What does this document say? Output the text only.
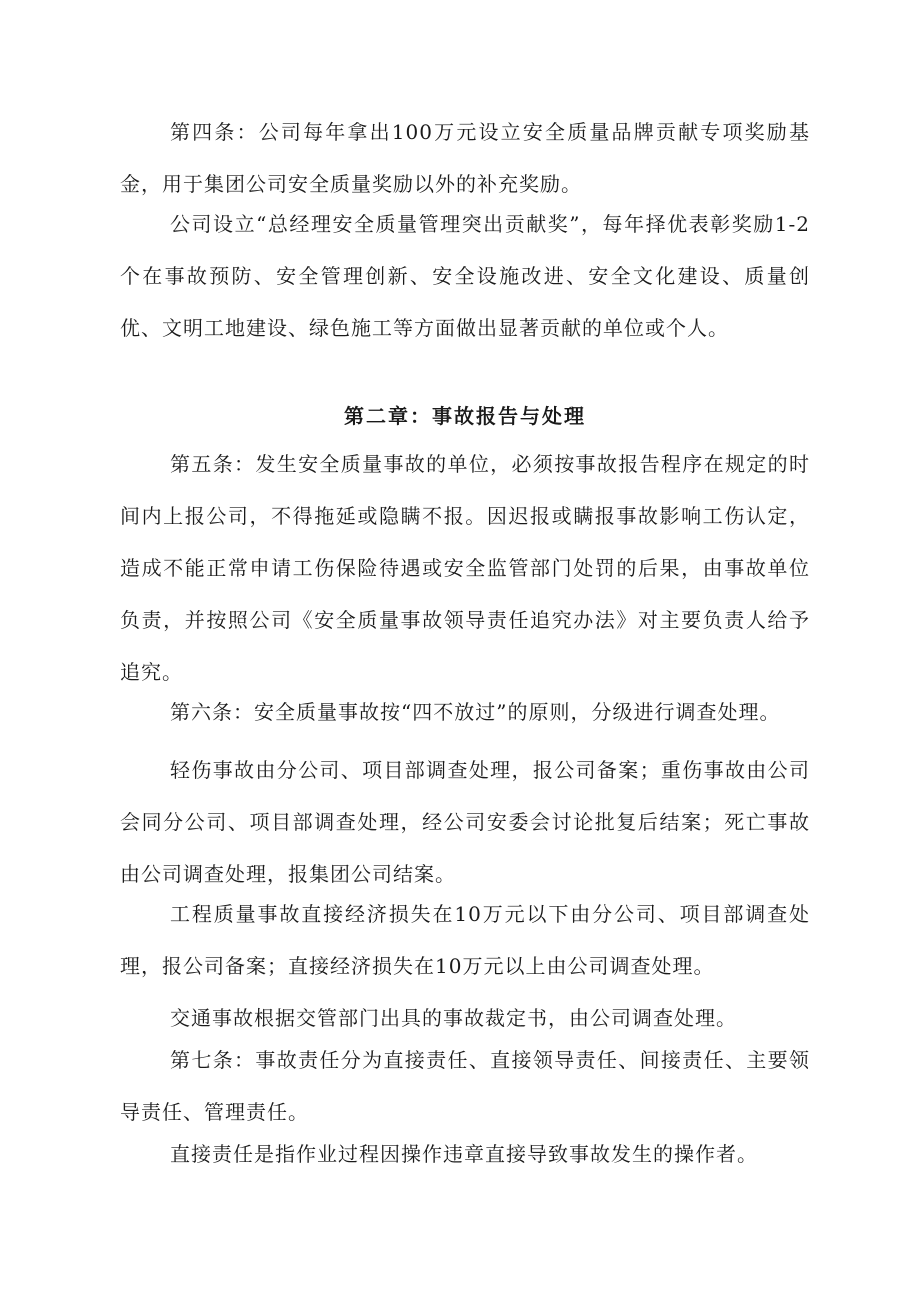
第四条：公司每年拿出100万元设立安全质量品牌贡献专项奖励基金，用于集团公司安全质量奖励以外的补充奖励。

公司设立“总经理安全质量管理突出贡献奖”，每年择优表彰奖励1-2个在事故预防、安全管理创新、安全设施改进、安全文化建设、质量创优、文明工地建设、绿色施工等方面做出显著贡献的单位或个人。

第二章：事故报告与处理

第五条：发生安全质量事故的单位，必须按事故报告程序在规定的时间内上报公司，不得拖延或隐瞒不报。因迟报或瞒报事故影响工伤认定，造成不能正常申请工伤保险待遇或安全监管部门处罚的后果，由事故单位负责，并按照公司《安全质量事故领导责任追究办法》对主要负责人给予追究。

第六条：安全质量事故按“四不放过”的原则，分级进行调查处理。

轻伤事故由分公司、项目部调查处理，报公司备案；重伤事故由公司会同分公司、项目部调查处理，经公司安委会讨论批复后结案；死亡事故由公司调查处理，报集团公司结案。

工程质量事故直接经济损失在10万元以下由分公司、项目部调查处理，报公司备案；直接经济损失在10万元以上由公司调查处理。

交通事故根据交管部门出具的事故裁定书，由公司调查处理。

第七条：事故责任分为直接责任、直接领导责任、间接责任、主要领导责任、管理责任。

直接责任是指作业过程因操作违章直接导致事故发生的操作者。
